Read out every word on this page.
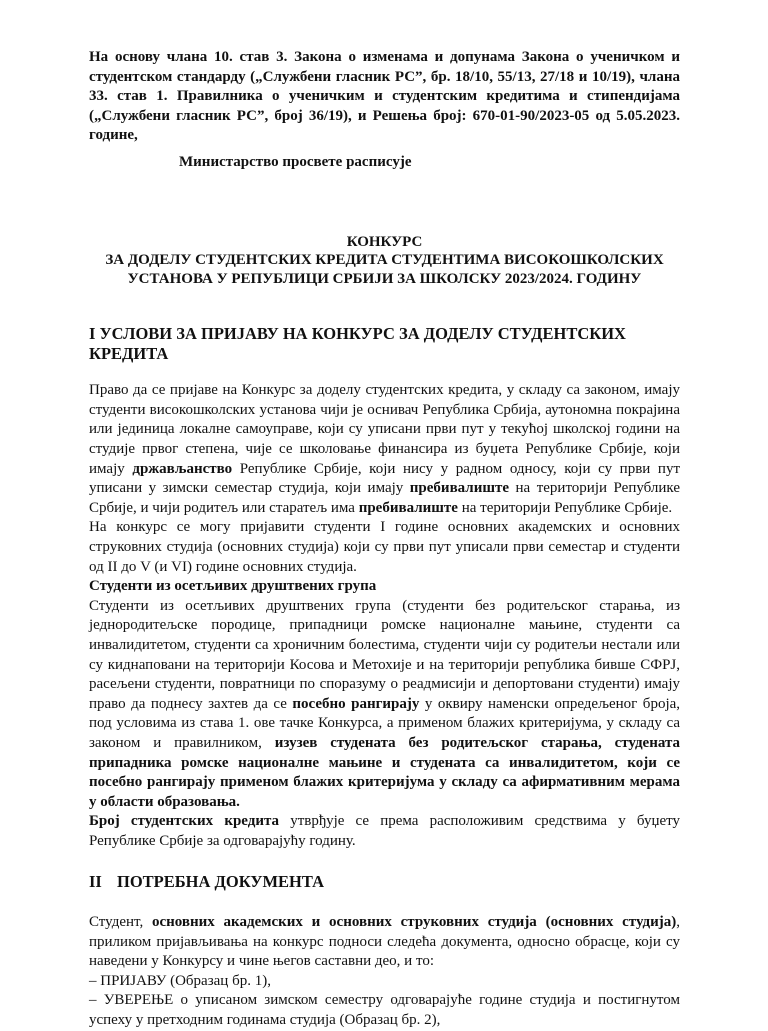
На основу члана 10. став 3. Закона о изменама и допунама Закона о ученичком и студентском стандарду („Службени гласник РС”, бр. 18/10, 55/13, 27/18 и 10/19), члана 33. став 1. Правилника о ученичким и студентским кредитима и стипендијама („Службени гласник РС”, број 36/19), и Решења број: 670-01-90/2023-05 од 5.05.2023. године,

Министарство просвете расписује

КОНКУРС
ЗА ДОДЕЛУ СТУДЕНТСКИХ КРЕДИТА СТУДЕНТИМА ВИСОКОШКОЛСКИХ
УСТАНОВА У РЕПУБЛИЦИ СРБИЈИ ЗА ШКОЛСКУ 2023/2024. ГОДИНУ
I УСЛОВИ ЗА ПРИЈАВУ НА КОНКУРС ЗА ДОДЕЛУ СТУДЕНТСКИХ КРЕДИТА

Право да се пријаве на Конкурс за доделу студентских кредита, у складу са законом, имају студенти високошколских установа чији је оснивач Република Србија, аутономна покрајина или јединица локалне самоуправе, који су уписани први пут у текућој школској години на студије првог степена, чије се школовање финансира из буџета Републике Србије, који имају држављанство Републике Србије, који нису у радном односу, који су први пут уписани у зимски семестар студија, који имају пребивалиште на територији Републике Србије, и чији родитељ или старатељ има пребивалиште на територији Републике Србије.

На конкурс се могу пријавити студенти I године основних академских и основних струковних студија (основних студија) који су први пут уписали први семестар и студенти од II до V (и VI) године основних студија.

Студенти из осетљивих друштвених група

Студенти из осетљивих друштвених група (студенти без родитељског старања, из једнородитељске породице, припадници ромске националне мањине, студенти са инвалидитетом, студенти са хроничним болестима, студенти чији су родитељи нестали или су киднаповани на територији Косова и Метохије и на територији република бивше СФРЈ, расељени студенти, повратници по споразуму о реадмисији и депортовани студенти) имају право да поднесу захтев да се посебно рангирају у оквиру наменски опредељеног броја, под условима из става 1. ове тачке Конкурса, а применом блажих критеријума, у складу са законом и правилником, изузев студената без родитељског старања, студената припадника ромске националне мањине и студената са инвалидитетом, који се посебно рангирају применом блажих критеријума у складу са афирмативним мерама у области образовања.

Број студентских кредита утврђује се према расположивим средствима у буџету Републике Србије за одговарајућу годину.

II ПОТРЕБНА ДОКУМЕНТА

Студент, основних академских и основних струковних студија (основних студија), приликом пријављивања на конкурс подноси следећа документа, односно обрасце, који су наведени у Конкурсу и чине његов саставни део, и то:

– ПРИЈАВУ (Образац бр. 1),

– УВЕРЕЊЕ о уписаном зимском семестру одговарајуће године студија и постигнутом успеху у претходним годинама студија (Образац бр. 2),
